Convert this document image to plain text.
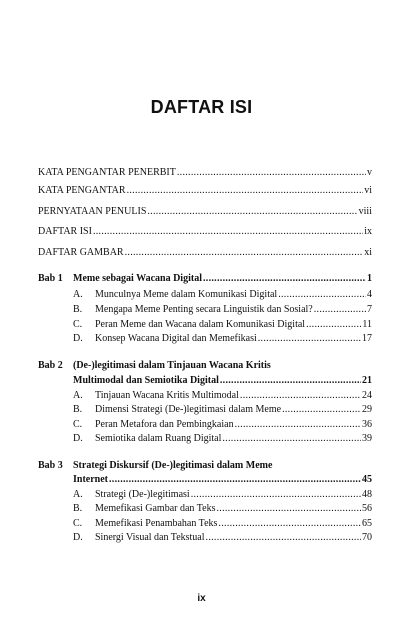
DAFTAR ISI
KATA PENGANTAR PENERBIT .....	v
KATA PENGANTAR .....	vi
PERNYATAAN PENULIS .....	viii
DAFTAR ISI .....	ix
DAFTAR GAMBAR .....	xi
Bab 1 Meme sebagai Wacana Digital .....	1
A.	Munculnya Meme dalam Komunikasi Digital .....	4
B.	Mengapa Meme Penting secara Linguistik dan Sosial? .....	7
C.	Peran Meme dan Wacana dalam Komunikasi Digital .....	11
D.	Konsep Wacana Digital dan Memefikasi .....	17
Bab 2 (De-)legitimasi dalam Tinjauan Wacana Kritis
Multimodal dan Semiotika Digital .....	21
A.	Tinjauan Wacana Kritis Multimodal .....	24
B.	Dimensi Strategi (De-)legitimasi dalam Meme .....	29
C.	Peran Metafora dan Pembingkaian .....	36
D.	Semiotika dalam Ruang Digital .....	39
Bab 3 Strategi Diskursif (De-)legitimasi dalam Meme
Internet .....	45
A.	Strategi (De-)legitimasi .....	48
B.	Memefikasi Gambar dan Teks .....	56
C.	Memefikasi Penambahan Teks .....	65
D.	Sinergi Visual dan Tekstual .....	70
ix
